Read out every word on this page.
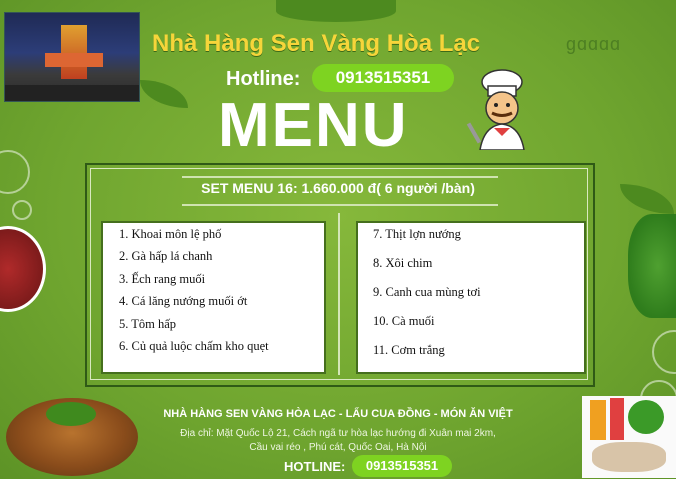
Nhà Hàng Sen Vàng Hòa Lạc	ɡɑɑɑɑ
Hotline:	0913515351
MENU
SET MENU 16: 1.660.000 đ( 6 người /bàn)
1. Khoai môn lệ phố
2. Gà hấp lá chanh
3. Ếch rang muối
4. Cá lăng nướng muối ớt
5. Tôm hấp
6. Củ quả luộc chấm kho quẹt
7. Thịt lợn nướng
8. Xôi chim
9. Canh cua mùng tơi
10. Cà muối
11. Cơm trắng
NHÀ HÀNG SEN VÀNG HÒA LẠC - LẨU CUA ĐỒNG - MÓN ĂN VIỆT
Địa chỉ: Mặt Quốc Lộ 21, Cách ngã tư hòa lạc hướng đi Xuân mai 2km,
Cầu vai réo , Phú cát, Quốc Oai, Hà Nội
HOTLINE:	0913515351
